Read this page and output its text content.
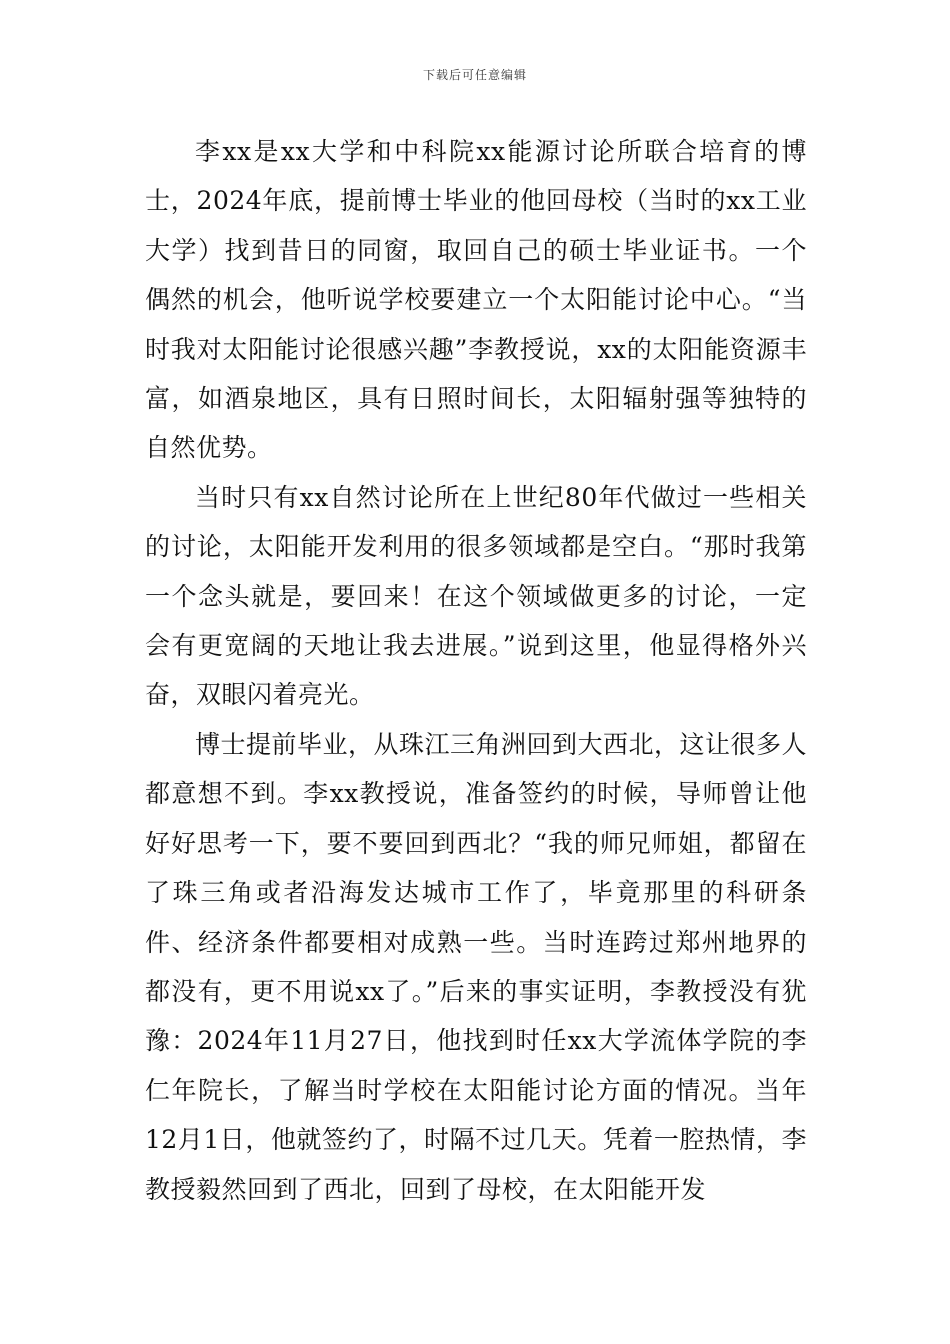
下载后可任意编辑

李xx是xx大学和中科院xx能源讨论所联合培育的博士，2024年底，提前博士毕业的他回母校（当时的xx工业大学）找到昔日的同窗，取回自己的硕士毕业证书。一个偶然的机会，他听说学校要建立一个太阳能讨论中心。“当时我对太阳能讨论很感兴趣”李教授说，xx的太阳能资源丰富，如酒泉地区，具有日照时间长，太阳辐射强等独特的自然优势。

当时只有xx自然讨论所在上世纪80年代做过一些相关的讨论，太阳能开发利用的很多领域都是空白。“那时我第一个念头就是，要回来！在这个领域做更多的讨论，一定会有更宽阔的天地让我去进展。”说到这里，他显得格外兴奋，双眼闪着亮光。

博士提前毕业，从珠江三角洲回到大西北，这让很多人都意想不到。李xx教授说，准备签约的时候，导师曾让他好好思考一下，要不要回到西北？“我的师兄师姐，都留在了珠三角或者沿海发达城市工作了，毕竟那里的科研条件、经济条件都要相对成熟一些。当时连跨过郑州地界的都没有，更不用说xx了。”后来的事实证明，李教授没有犹豫：2024年11月27日，他找到时任xx大学流体学院的李仁年院长，了解当时学校在太阳能讨论方面的情况。当年12月1日，他就签约了，时隔不过几天。凭着一腔热情，李教授毅然回到了西北，回到了母校，在太阳能开发
